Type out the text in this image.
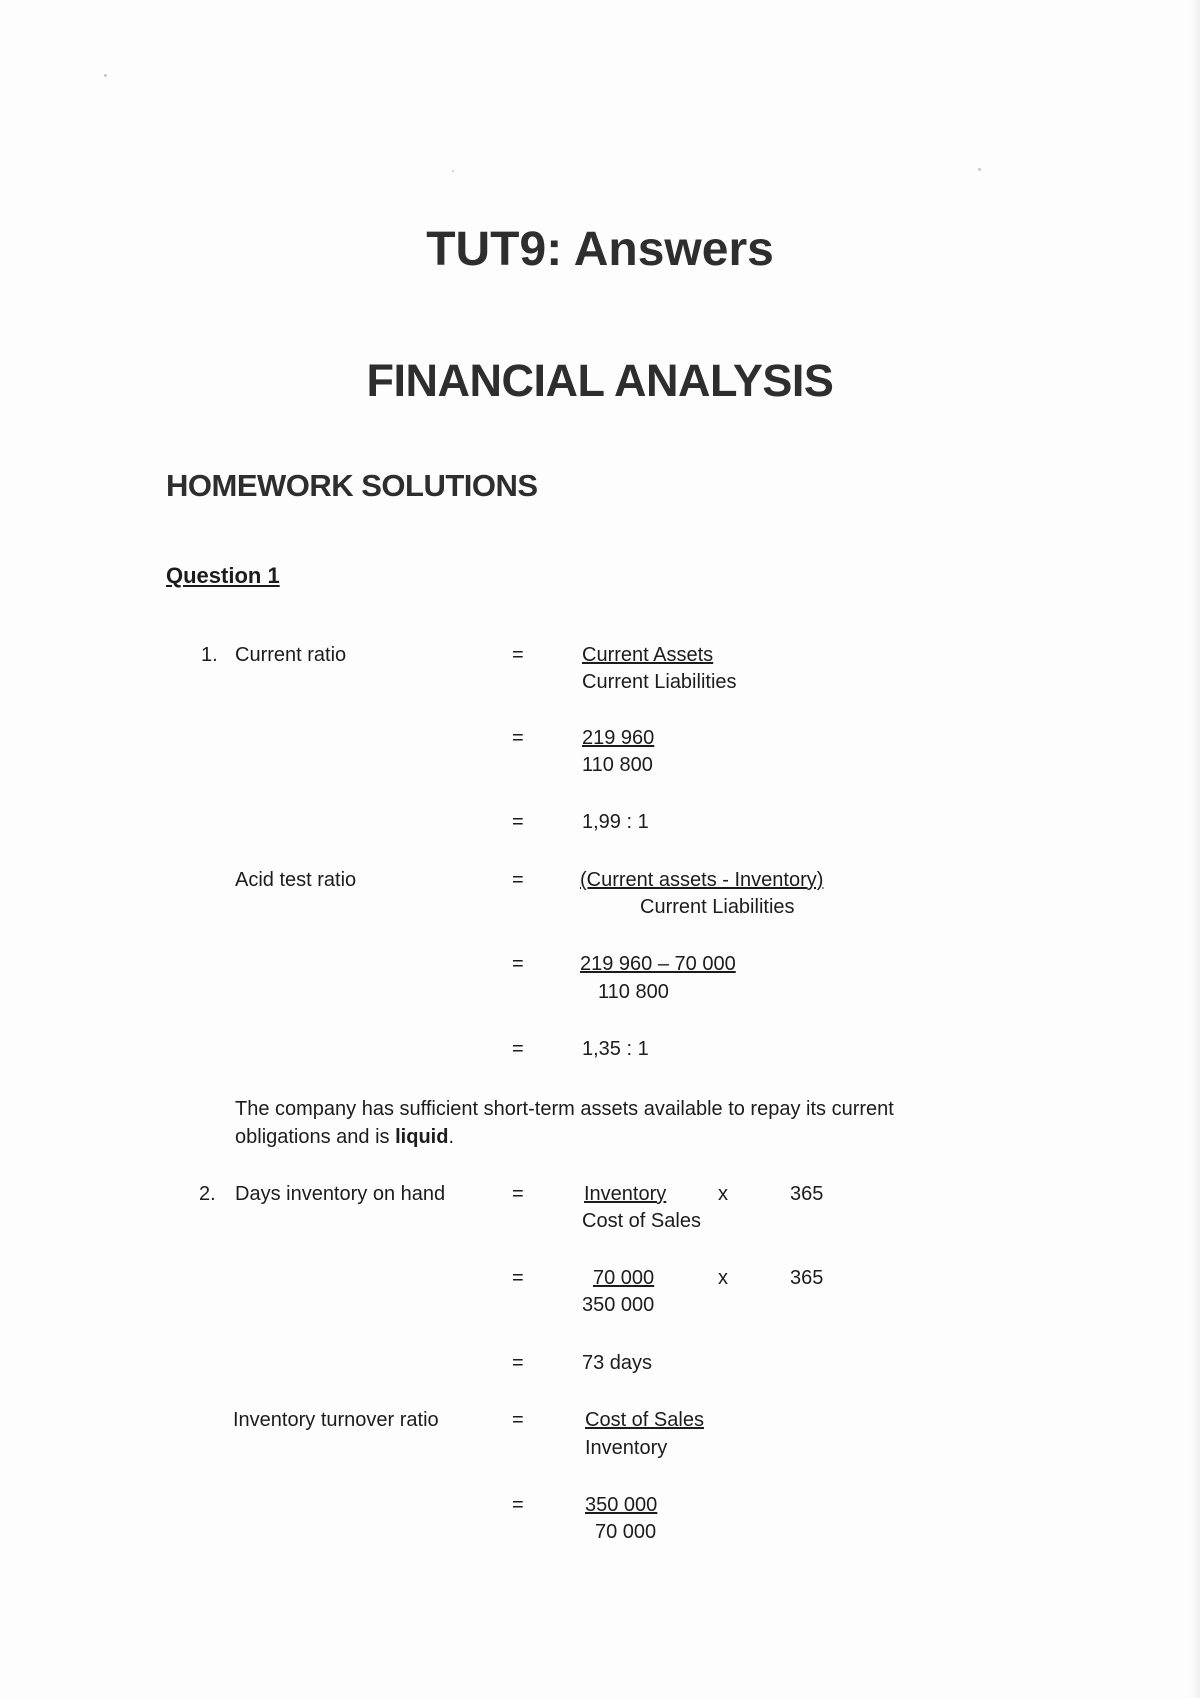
TUT9: Answers
FINANCIAL ANALYSIS
HOMEWORK SOLUTIONS
Question 1
1. Current ratio	=	Current Assets
Current Liabilities
=	219 960
110 800
=	1,99 : 1
Acid test ratio	=	(Current assets - Inventory)
Current Liabilities
=	219 960 – 70 000
110 800
=	1,35 : 1
The company has sufficient short-term assets available to repay its current obligations and is liquid.
2. Days inventory on hand	=	Inventory	x	365
Cost of Sales
=	70 000	x	365
350 000
=	73 days
Inventory turnover ratio	=	Cost of Sales
Inventory
=	350 000
70 000
